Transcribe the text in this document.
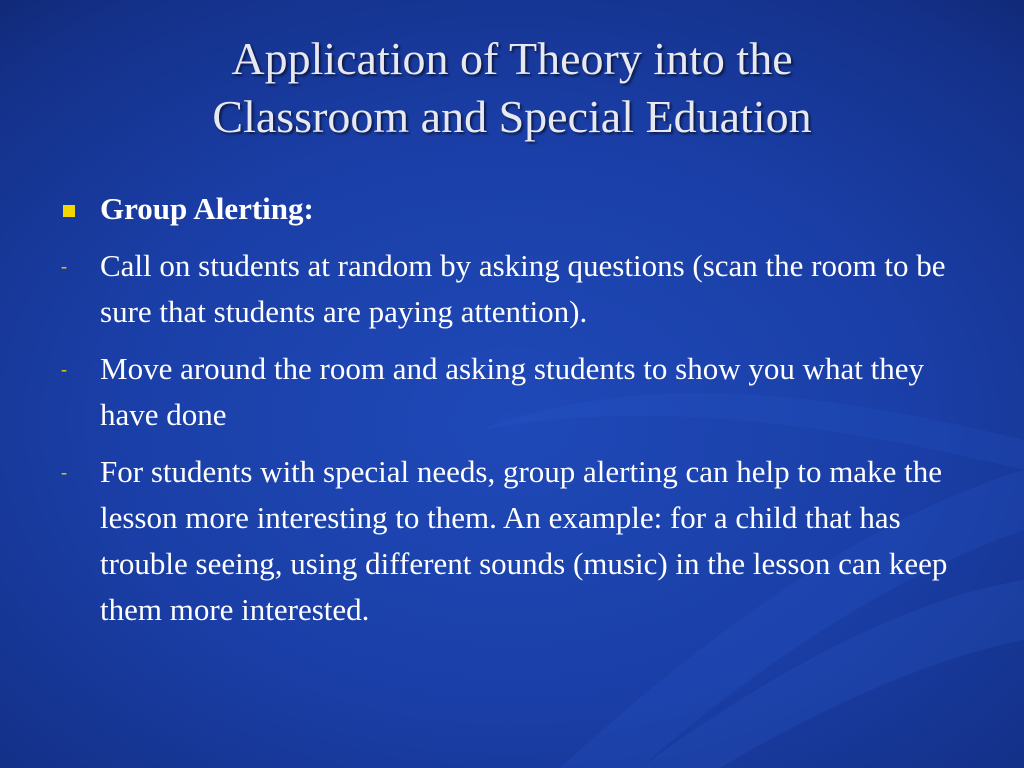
Application of Theory into the
Classroom and Special Eduation
Group Alerting:
- Call on students at random by asking questions (scan the room to be sure that students are paying attention).
- Move around the room and asking students to show you what they have done
- For students with special needs, group alerting can help to make the lesson more interesting to them. An example: for a child that has trouble seeing, using different sounds (music) in the lesson can keep them more interested.
